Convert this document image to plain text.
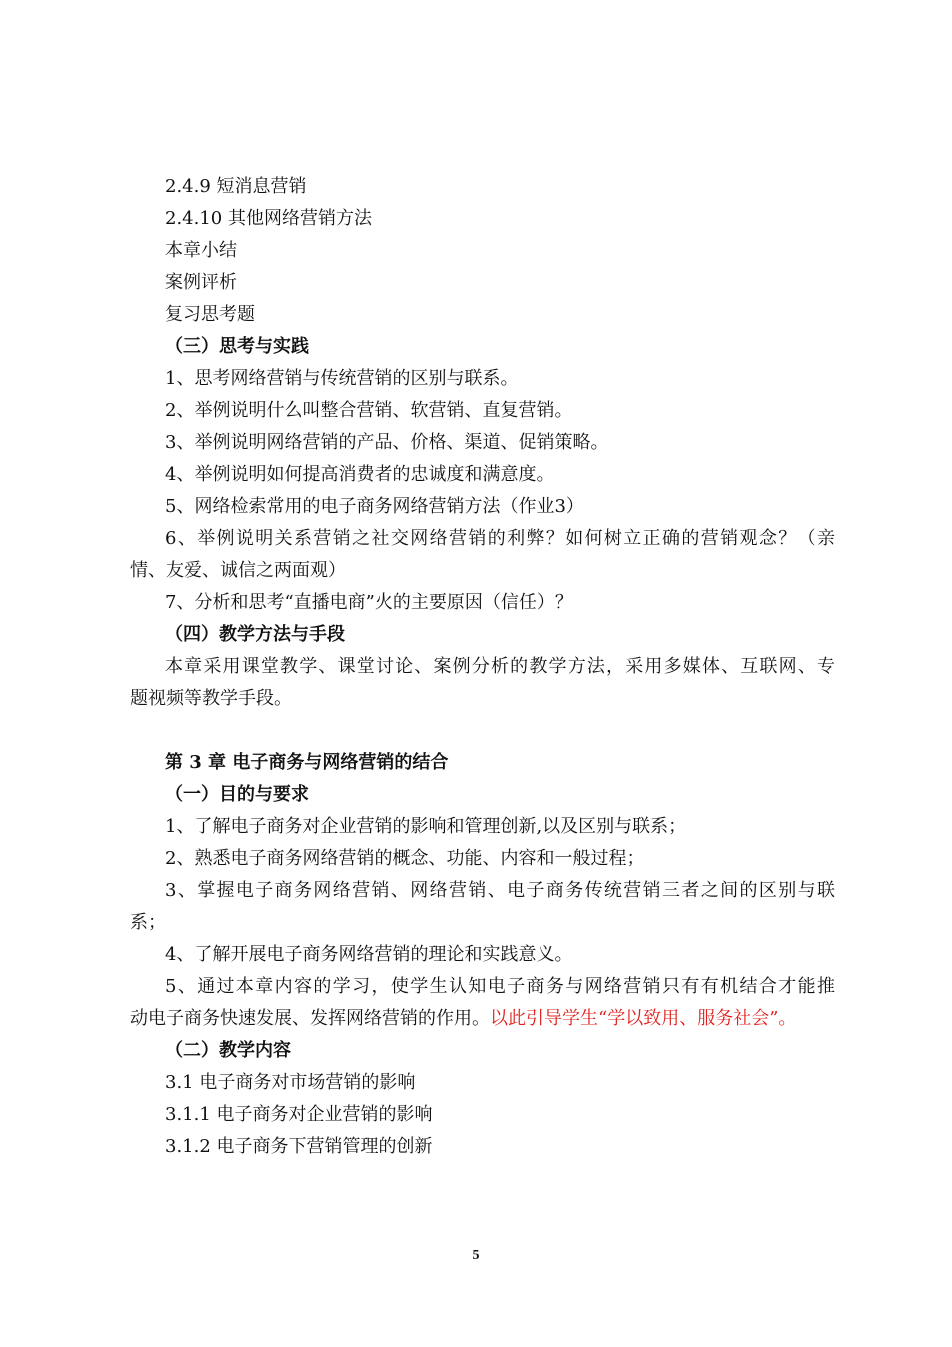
2.4.9 短消息营销
2.4.10 其他网络营销方法
本章小结
案例评析
复习思考题
（三）思考与实践
1、思考网络营销与传统营销的区别与联系。
2、举例说明什么叫整合营销、软营销、直复营销。
3、举例说明网络营销的产品、价格、渠道、促销策略。
4、举例说明如何提高消费者的忠诚度和满意度。
5、网络检索常用的电子商务网络营销方法（作业3）
6、举例说明关系营销之社交网络营销的利弊？如何树立正确的营销观念？（亲
情、友爱、诚信之两面观）
7、分析和思考“直播电商”火的主要原因（信任）？
（四）教学方法与手段
本章采用课堂教学、课堂讨论、案例分析的教学方法，采用多媒体、互联网、专
题视频等教学手段。
第 3 章 电子商务与网络营销的结合
（一）目的与要求
1、了解电子商务对企业营销的影响和管理创新,以及区别与联系；
2、熟悉电子商务网络营销的概念、功能、内容和一般过程；
3、掌握电子商务网络营销、网络营销、电子商务传统营销三者之间的区别与联
系；
4、了解开展电子商务网络营销的理论和实践意义。
5、通过本章内容的学习，使学生认知电子商务与网络营销只有有机结合才能推
动电子商务快速发展、发挥网络营销的作用。以此引导学生“学以致用、服务社会”。
（二）教学内容
3.1 电子商务对市场营销的影响
3.1.1 电子商务对企业营销的影响
3.1.2 电子商务下营销管理的创新
5
